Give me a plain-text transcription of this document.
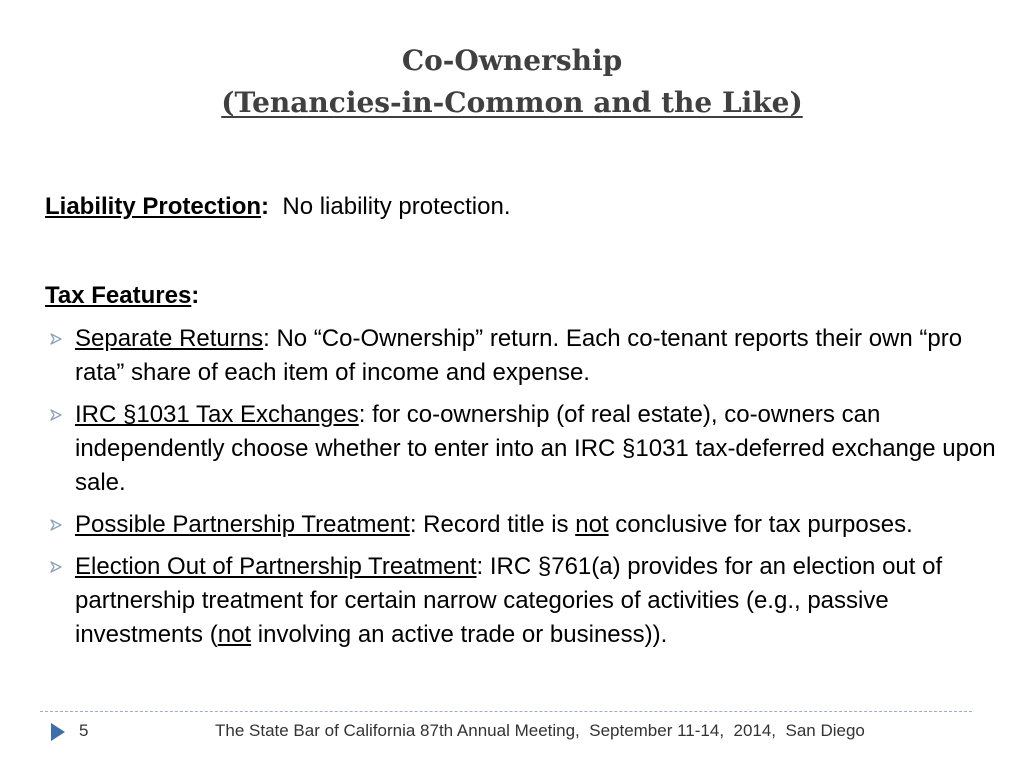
Co-Ownership
(Tenancies-in-Common and the Like)
Liability Protection: No liability protection.
Tax Features:
Separate Returns: No “Co-Ownership” return. Each co-tenant reports their own “pro rata” share of each item of income and expense.
IRC §1031 Tax Exchanges: for co-ownership (of real estate), co-owners can independently choose whether to enter into an IRC §1031 tax-deferred exchange upon sale.
Possible Partnership Treatment: Record title is not conclusive for tax purposes.
Election Out of Partnership Treatment: IRC §761(a) provides for an election out of partnership treatment for certain narrow categories of activities (e.g., passive investments (not involving an active trade or business)).
5	The State Bar of California 87th Annual Meeting,  September 11-14,  2014,  San Diego
